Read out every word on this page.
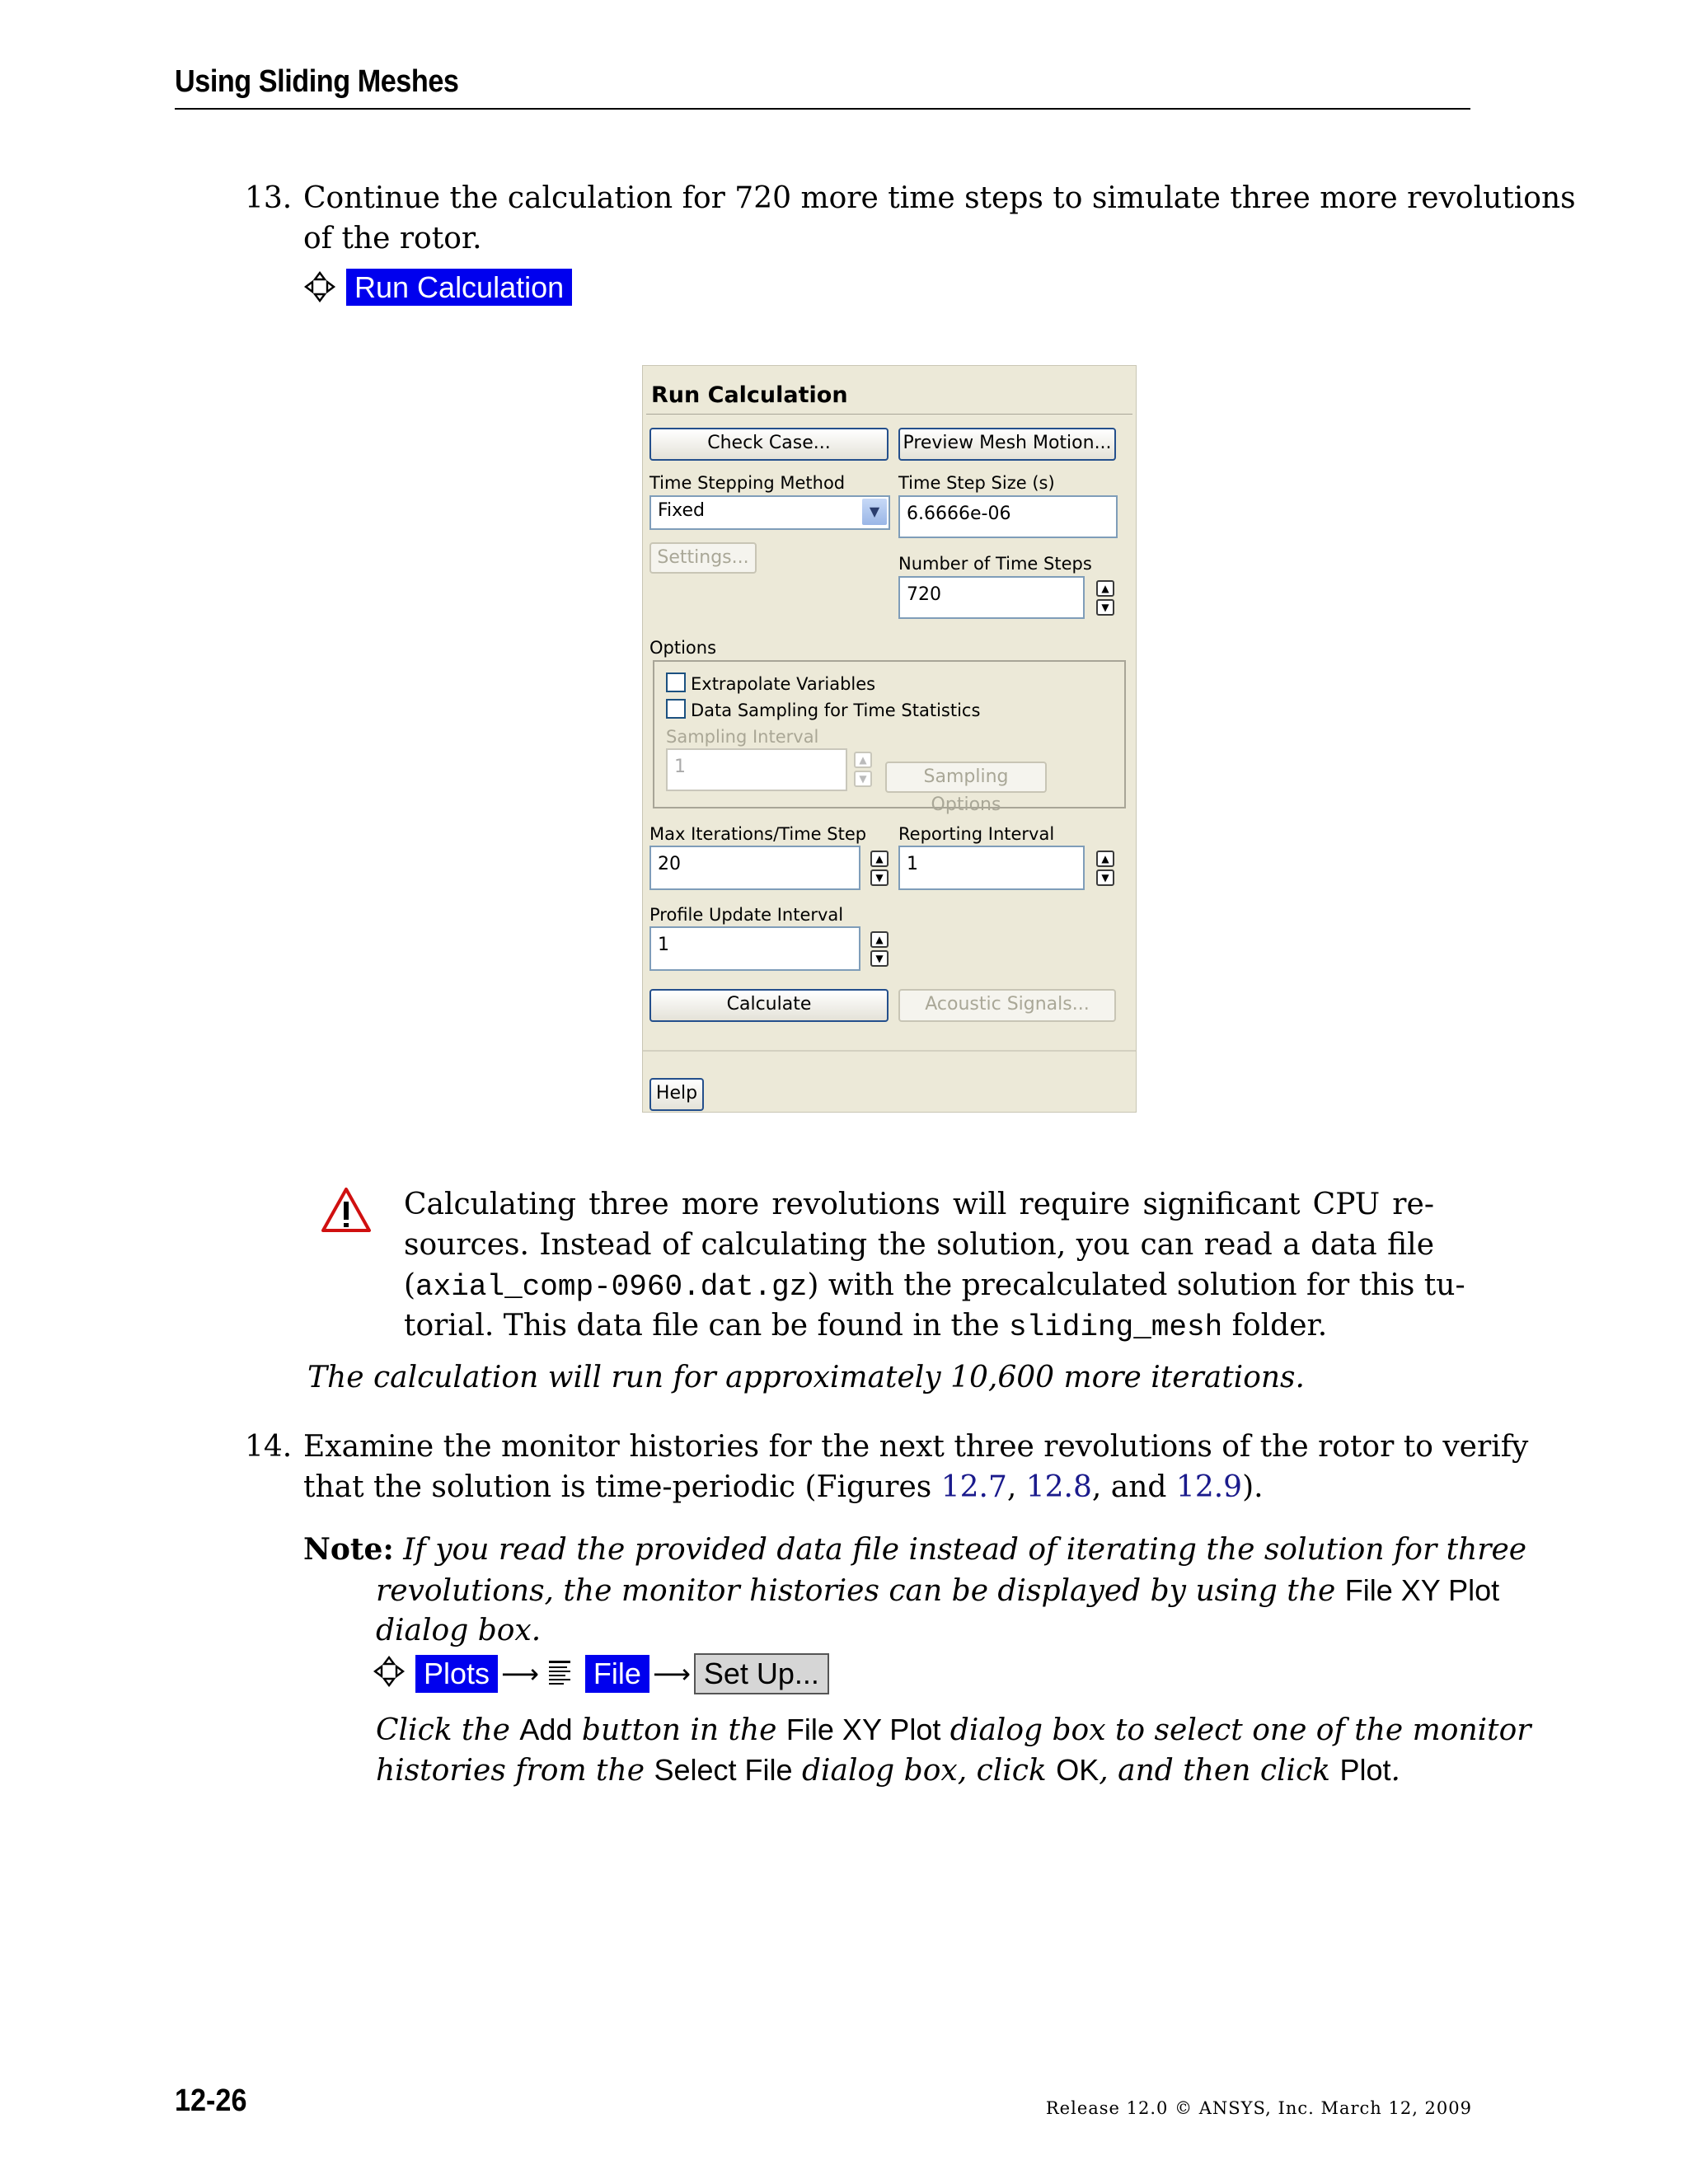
Using Sliding Meshes
13. Continue the calculation for 720 more time steps to simulate three more revolutions
of the rotor.
Run Calculation
Run Calculation
Check Case...	Preview Mesh Motion...
Time Stepping Method	Time Step Size (s)
Fixed	▼	6.6666e-06
Settings...	Number of Time Steps
720	▲
▼
Options
Extrapolate Variables
Data Sampling for Time Statistics
Sampling Interval
1	▲
▼	Sampling Options
Max Iterations/Time Step Reporting Interval
20	▲
▼
1	▲
▼
Profile Update Interval
1	▲
▼
Calculate	Acoustic Signals...
Help
Calculating three more revolutions will require significant CPU re-
sources. Instead of calculating the solution, you can read a data file
(axial_comp-0960.dat.gz) with the precalculated solution for this tu-
torial. This data file can be found in the sliding_mesh folder.
The calculation will run for approximately 10,600 more iterations.
14. Examine the monitor histories for the next three revolutions of the rotor to verify
that the solution is time-periodic (Figures 12.7, 12.8, and 12.9).
Note: If you read the provided data file instead of iterating the solution for three
revolutions, the monitor histories can be displayed by using the File XY Plot
dialog box.
Plots ⟶ File ⟶ Set Up...
Click the Add button in the File XY Plot dialog box to select one of the monitor
histories from the Select File dialog box, click OK, and then click Plot.
12-26	Release 12.0 © ANSYS, Inc. March 12, 2009
